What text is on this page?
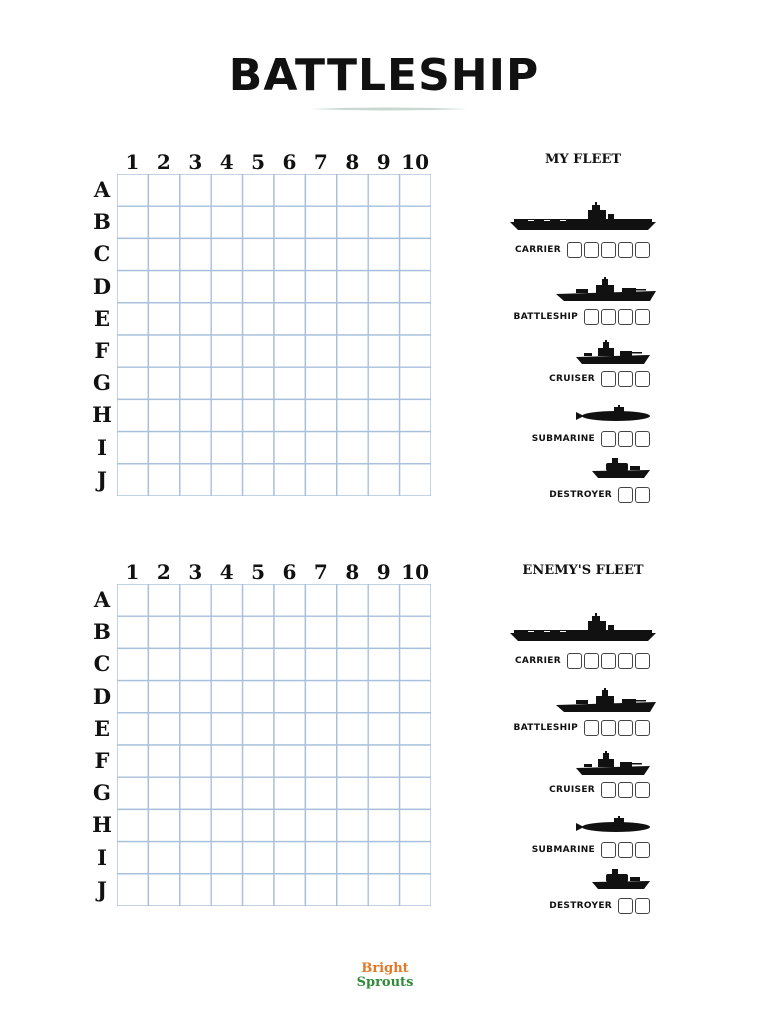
BATTLESHIP
1 2 3 4 5 6 7 8 9 10
A
B
C
D
E
F
G
H
I
J
1 2 3 4 5 6 7 8 9 10
A
B
C
D
E
F
G
H
I
J
MY FLEET
CARRIER
BATTLESHIP
CRUISER
SUBMARINE
DESTROYER
ENEMY'S FLEET
CARRIER
BATTLESHIP
CRUISER
SUBMARINE
DESTROYER
Bright
Sprouts
